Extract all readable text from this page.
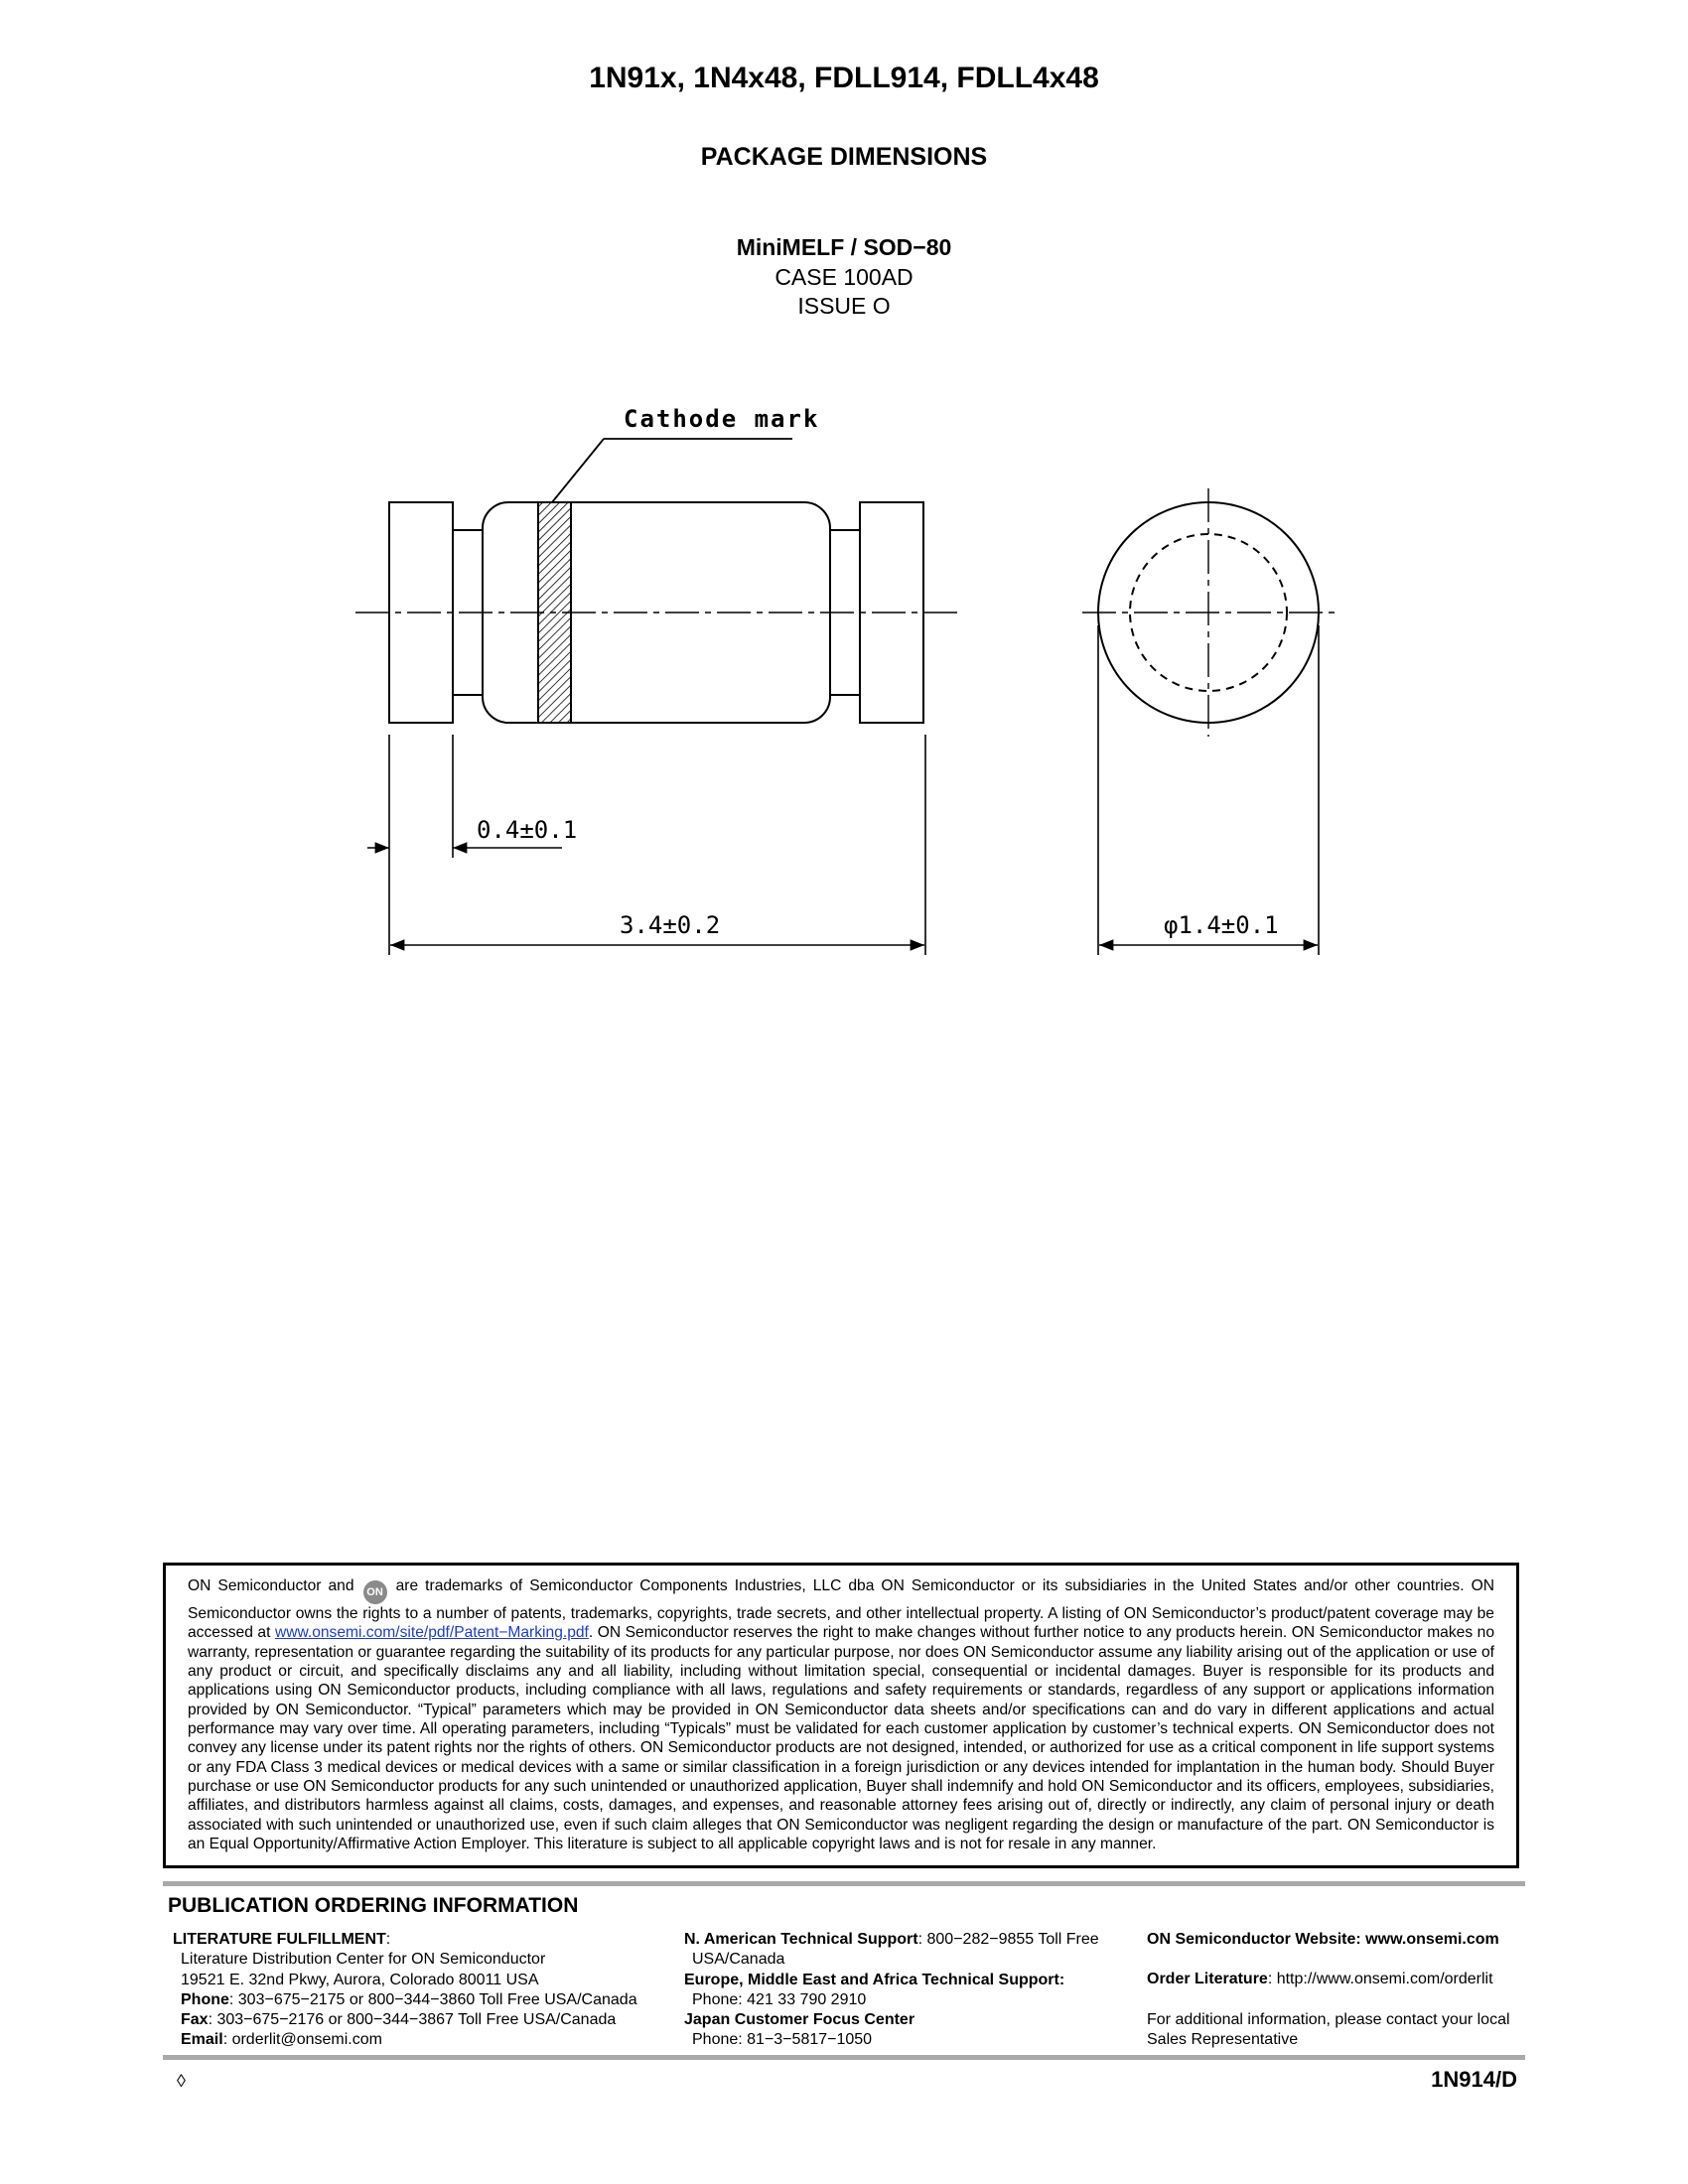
1N91x, 1N4x48, FDLL914, FDLL4x48
PACKAGE DIMENSIONS
MiniMELF / SOD−80
CASE 100AD
ISSUE O
Cathode mark
0.4±0.1
3.4±0.2	φ1.4±0.1
ON Semiconductor and ON are trademarks of Semiconductor Components Industries, LLC dba ON Semiconductor or its subsidiaries in the United States and/or other countries. ON Semiconductor owns the rights to a number of patents, trademarks, copyrights, trade secrets, and other intellectual property. A listing of ON Semiconductor’s product/patent coverage may be accessed at www.onsemi.com/site/pdf/Patent−Marking.pdf. ON Semiconductor reserves the right to make changes without further notice to any products herein. ON Semiconductor makes no warranty, representation or guarantee regarding the suitability of its products for any particular purpose, nor does ON Semiconductor assume any liability arising out of the application or use of any product or circuit, and specifically disclaims any and all liability, including without limitation special, consequential or incidental damages. Buyer is responsible for its products and applications using ON Semiconductor products, including compliance with all laws, regulations and safety requirements or standards, regardless of any support or applications information provided by ON Semiconductor. “Typical” parameters which may be provided in ON Semiconductor data sheets and/or specifications can and do vary in different applications and actual performance may vary over time. All operating parameters, including “Typicals” must be validated for each customer application by customer’s technical experts. ON Semiconductor does not convey any license under its patent rights nor the rights of others. ON Semiconductor products are not designed, intended, or authorized for use as a critical component in life support systems or any FDA Class 3 medical devices or medical devices with a same or similar classification in a foreign jurisdiction or any devices intended for implantation in the human body. Should Buyer purchase or use ON Semiconductor products for any such unintended or unauthorized application, Buyer shall indemnify and hold ON Semiconductor and its officers, employees, subsidiaries, affiliates, and distributors harmless against all claims, costs, damages, and expenses, and reasonable attorney fees arising out of, directly or indirectly, any claim of personal injury or death associated with such unintended or unauthorized use, even if such claim alleges that ON Semiconductor was negligent regarding the design or manufacture of the part. ON Semiconductor is an Equal Opportunity/Affirmative Action Employer. This literature is subject to all applicable copyright laws and is not for resale in any manner.
PUBLICATION ORDERING INFORMATION
LITERATURE FULFILLMENT:
Literature Distribution Center for ON Semiconductor
19521 E. 32nd Pkwy, Aurora, Colorado 80011 USA
Phone: 303−675−2175 or 800−344−3860 Toll Free USA/Canada
Fax: 303−675−2176 or 800−344−3867 Toll Free USA/Canada
Email: orderlit@onsemi.com
N. American Technical Support: 800−282−9855 Toll Free
USA/Canada
Europe, Middle East and Africa Technical Support:
Phone: 421 33 790 2910
Japan Customer Focus Center
Phone: 81−3−5817−1050
ON Semiconductor Website: www.onsemi.com
Order Literature: http://www.onsemi.com/orderlit
For additional information, please contact your local Sales Representative
◊	1N914/D
